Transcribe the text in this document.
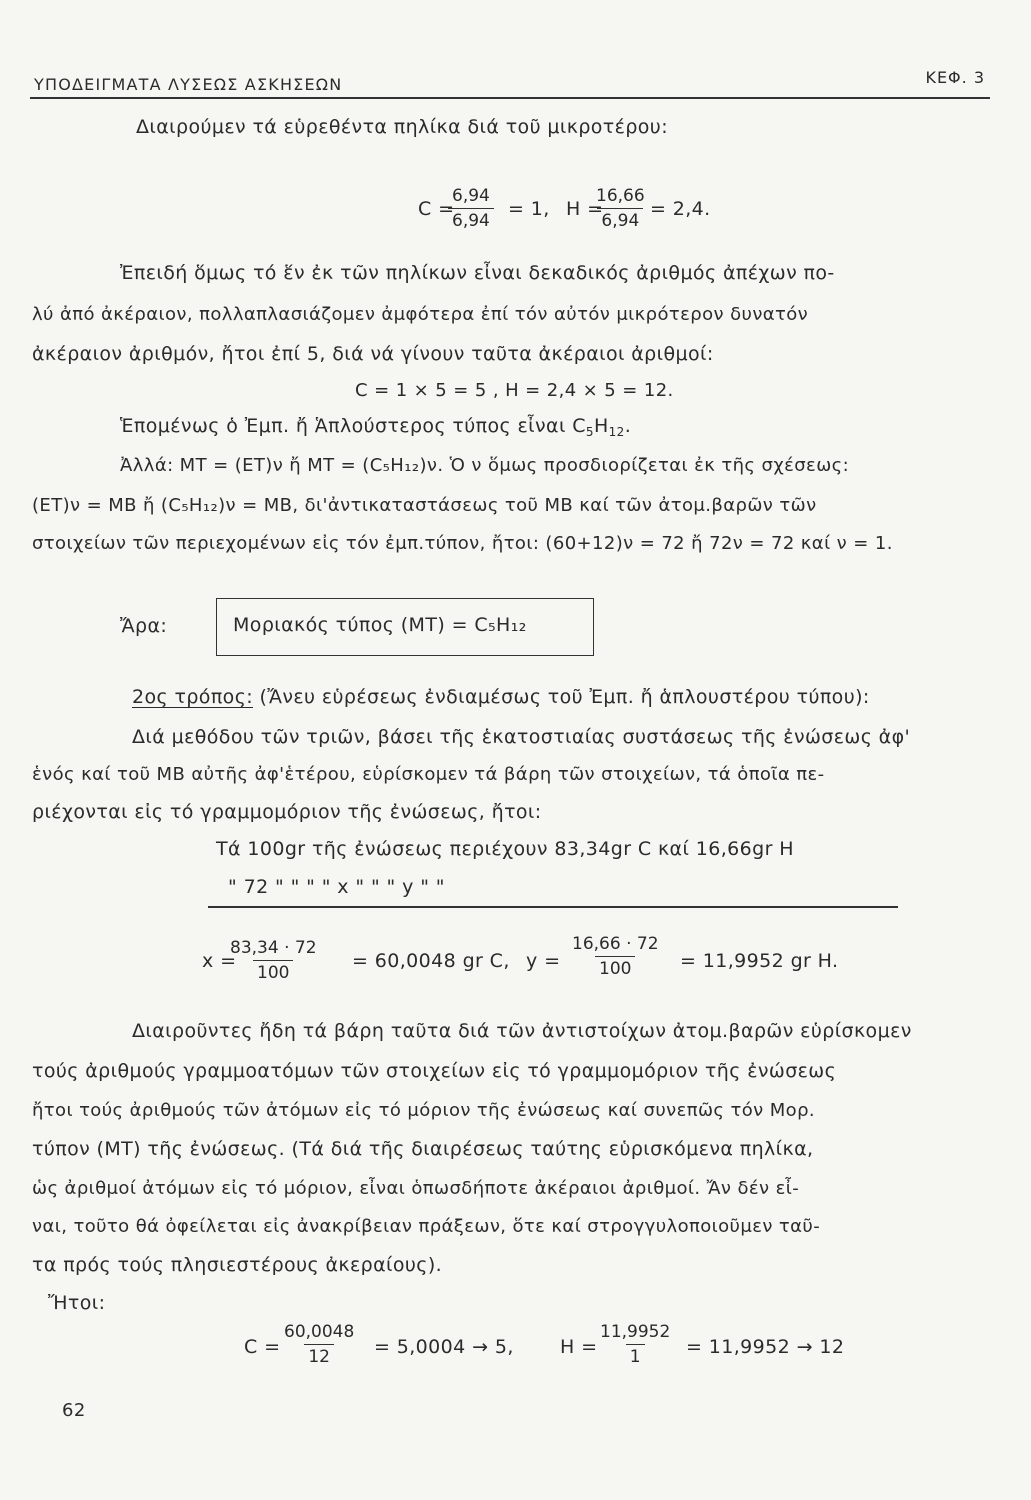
ΥΠΟΔΕΙΓΜΑΤΑ ΛΥΣΕΩΣ ΑΣΚΗΣΕΩΝ	ΚΕΦ. 3
Διαιρούμεν τά εὑρεθέντα πηλίκα διά τοῦ μικροτέρου:
C =
$\frac{6,94}{6,94} = 1$, H =
$\frac{16,66}{6,94} = 2,4$.
Ἐπειδή ὅμως τό ἕν ἐκ τῶν πηλίκων εἶναι δεκαδικός ἀριθμός ἀπέχων πο-
λύ ἀπό ἀκέραιον, πολλαπλασιάζομεν ἀμφότερα ἐπί τόν αὐτόν μικρότερον δυνατόν
ἀκέραιον ἀριθμόν, ἤτοι ἐπί 5, διά νά γίνουν ταῦτα ἀκέραιοι ἀριθμοί:
C = 1 × 5 = 5 , H = 2,4 × 5 = 12.
Ἑπομένως ὁ Ἐμπ. ἤ Ἁπλούστερος τύπος εἶναι $C_5H_{12}$.
Ἀλλά: ΜΤ = (ΕΤ)ν ἤ ΜΤ = (C₅H₁₂)ν. Ὁ ν ὅμως προσδιορίζεται ἐκ τῆς σχέσεως:
(ΕΤ)ν = ΜΒ ἤ (C₅H₁₂)ν = ΜΒ, δι'ἀντικαταστάσεως τοῦ ΜΒ καί τῶν ἀτομ.βαρῶν τῶν
στοιχείων τῶν περιεχομένων εἰς τόν ἐμπ.τύπον, ἤτοι: (60+12)ν = 72 ἤ 72ν = 72 καί ν = 1.
Ἄρα:	Μοριακός τύπος (ΜΤ) = C₅H₁₂
2ος τρόπος: (Ἄνευ εὑρέσεως ἐνδιαμέσως τοῦ Ἐμπ. ἤ ἁπλουστέρου τύπου):
Διά μεθόδου τῶν τριῶν, βάσει τῆς ἑκατοστιαίας συστάσεως τῆς ἐνώσεως ἀφ'
ἑνός καί τοῦ ΜΒ αὐτῆς ἀφ'ἑτέρου, εὑρίσκομεν τά βάρη τῶν στοιχείων, τά ὁποῖα πε-
ριέχονται εἰς τό γραμμομόριον τῆς ἐνώσεως, ἤτοι:
Τά 100gr τῆς ἐνώσεως περιέχουν 83,34gr C καί 16,66gr H
" 72 " " " " x " " " y " "
x =
$\frac{83,34 \cdot 72}{100} = 60,0048$ gr C, $y = \frac{16,66 \cdot 72}{100} = 11,9952$ gr H.
Διαιροῦντες ἤδη τά βάρη ταῦτα διά τῶν ἀντιστοίχων ἀτομ.βαρῶν εὑρίσκομεν
τούς ἀριθμούς γραμμοατόμων τῶν στοιχείων εἰς τό γραμμομόριον τῆς ἐνώσεως
ἤτοι τούς ἀριθμούς τῶν ἀτόμων εἰς τό μόριον τῆς ἐνώσεως καί συνεπῶς τόν Μορ.
τύπον (ΜΤ) τῆς ἐνώσεως. (Τά διά τῆς διαιρέσεως ταύτης εὑρισκόμενα πηλίκα,
ὡς ἀριθμοί ἀτόμων εἰς τό μόριον, εἶναι ὁπωσδήποτε ἀκέραιοι ἀριθμοί. Ἄν δέν εἶ-
ναι, τοῦτο θά ὀφείλεται εἰς ἀνακρίβειαν πράξεων, ὅτε καί στρογγυλοποιοῦμεν ταῦ-
τα πρός τούς πλησιεστέρους ἀκεραίους).
Ἤτοι:
$C = \frac{60,0048}{12} = 5,0004 \to 5$, H =
$\frac{11,9952}{1} = 11,9952 \to 12$
62
